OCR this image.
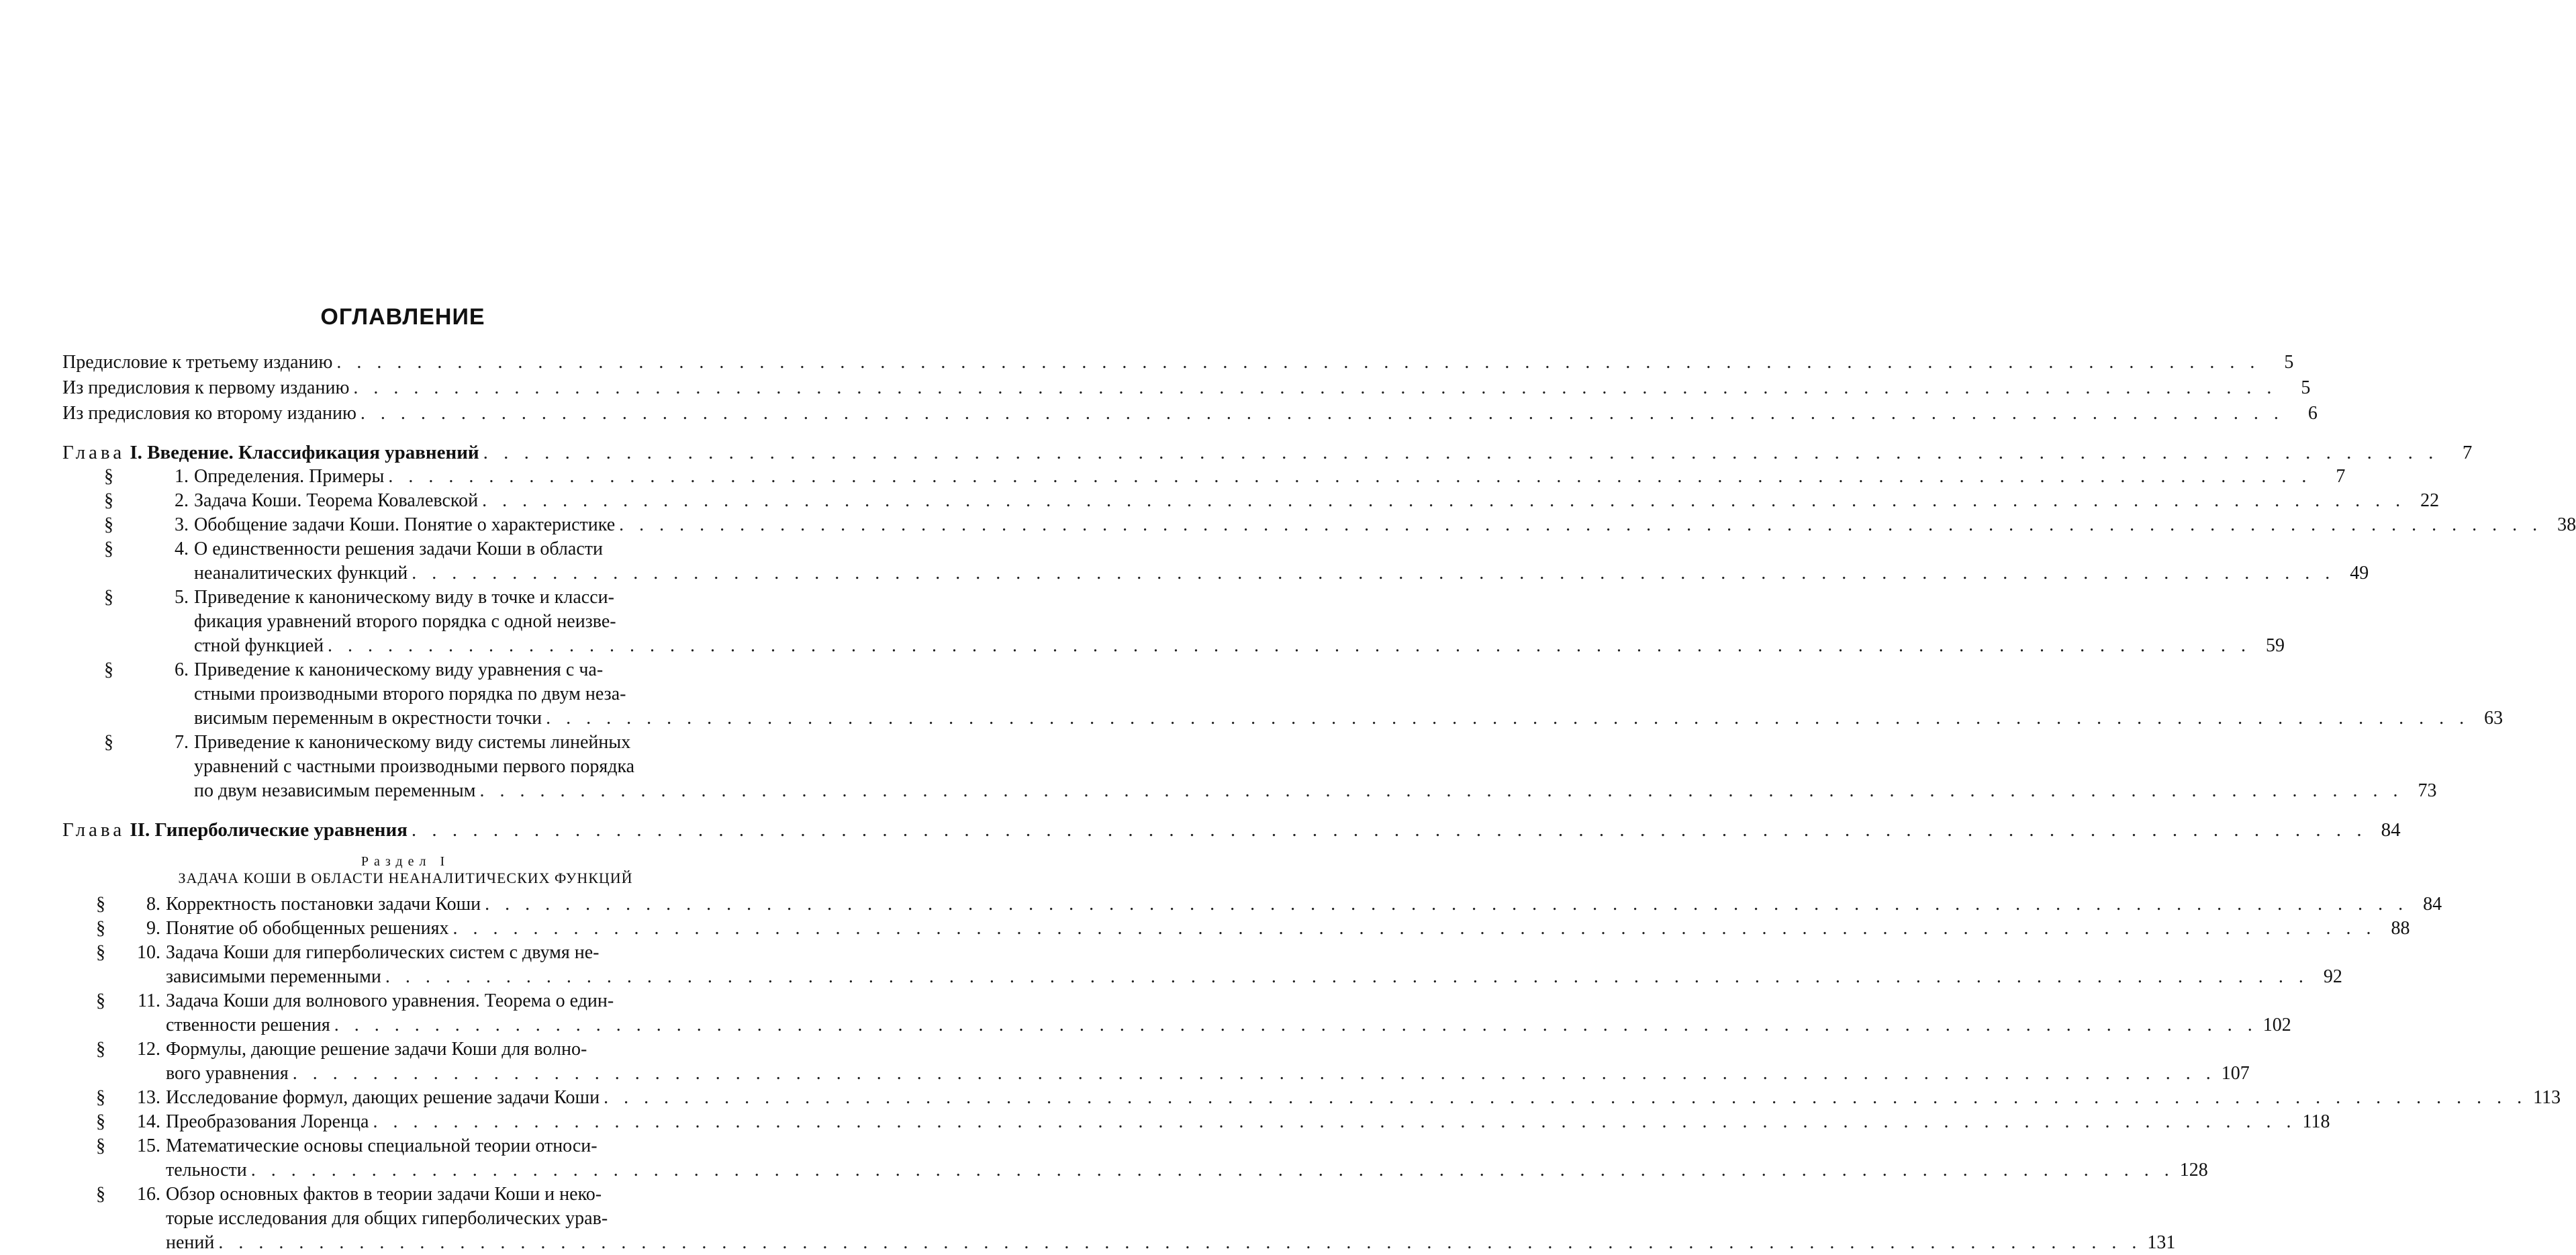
ОГЛАВЛЕНИЕ
Предисловие к третьему изданию . . .	5
Из предисловия к первому изданию . . .	5
Из предисловия ко второму изданию . . .	6
Глава I. Введение. Классификация уравнений . . .	7
§	1. Определения. Примеры . . .	7
§	2. Задача Коши. Теорема Ковалевской . . .	22
§	3. Обобщение задачи Коши. Понятие о характеристике . . .	38
§	4. О единственности решения задачи Коши в области
неаналитических функций . . .	49
§	5. Приведение к каноническому виду в точке и класси-
фикация уравнений второго порядка с одной неизве-
стной функцией . . .	59
§	6. Приведение к каноническому виду уравнения с ча-
стными производными второго порядка по двум неза-
висимым переменным в окрестности точки . . .	63
§	7. Приведение к каноническому виду системы линейных
уравнений с частными производными первого порядка
по двум независимым переменным . . .	73
Глава II. Гиперболические уравнения . . .	84
Раздел I
ЗАДАЧА КОШИ В ОБЛАСТИ НЕАНАЛИТИЧЕСКИХ ФУНКЦИЙ
§	8. Корректность постановки задачи Коши . . .	84
§	9. Понятие об обобщенных решениях . . .	88
§	10. Задача Коши для гиперболических систем с двумя не-
зависимыми переменными . . .	92
§	11. Задача Коши для волнового уравнения. Теорема о един-
ственности решения . . .	102
§	12. Формулы, дающие решение задачи Коши для волно-
вого уравнения . . .	107
§	13. Исследование формул, дающих решение задачи Коши . . .	113
§	14. Преобразования Лоренца . . .	118
§	15. Математические основы специальной теории относи-
тельности . . .	128
§	16. Обзор основных фактов в теории задачи Коши и неко-
торые исследования для общих гиперболических урав-
нений . . .	131
